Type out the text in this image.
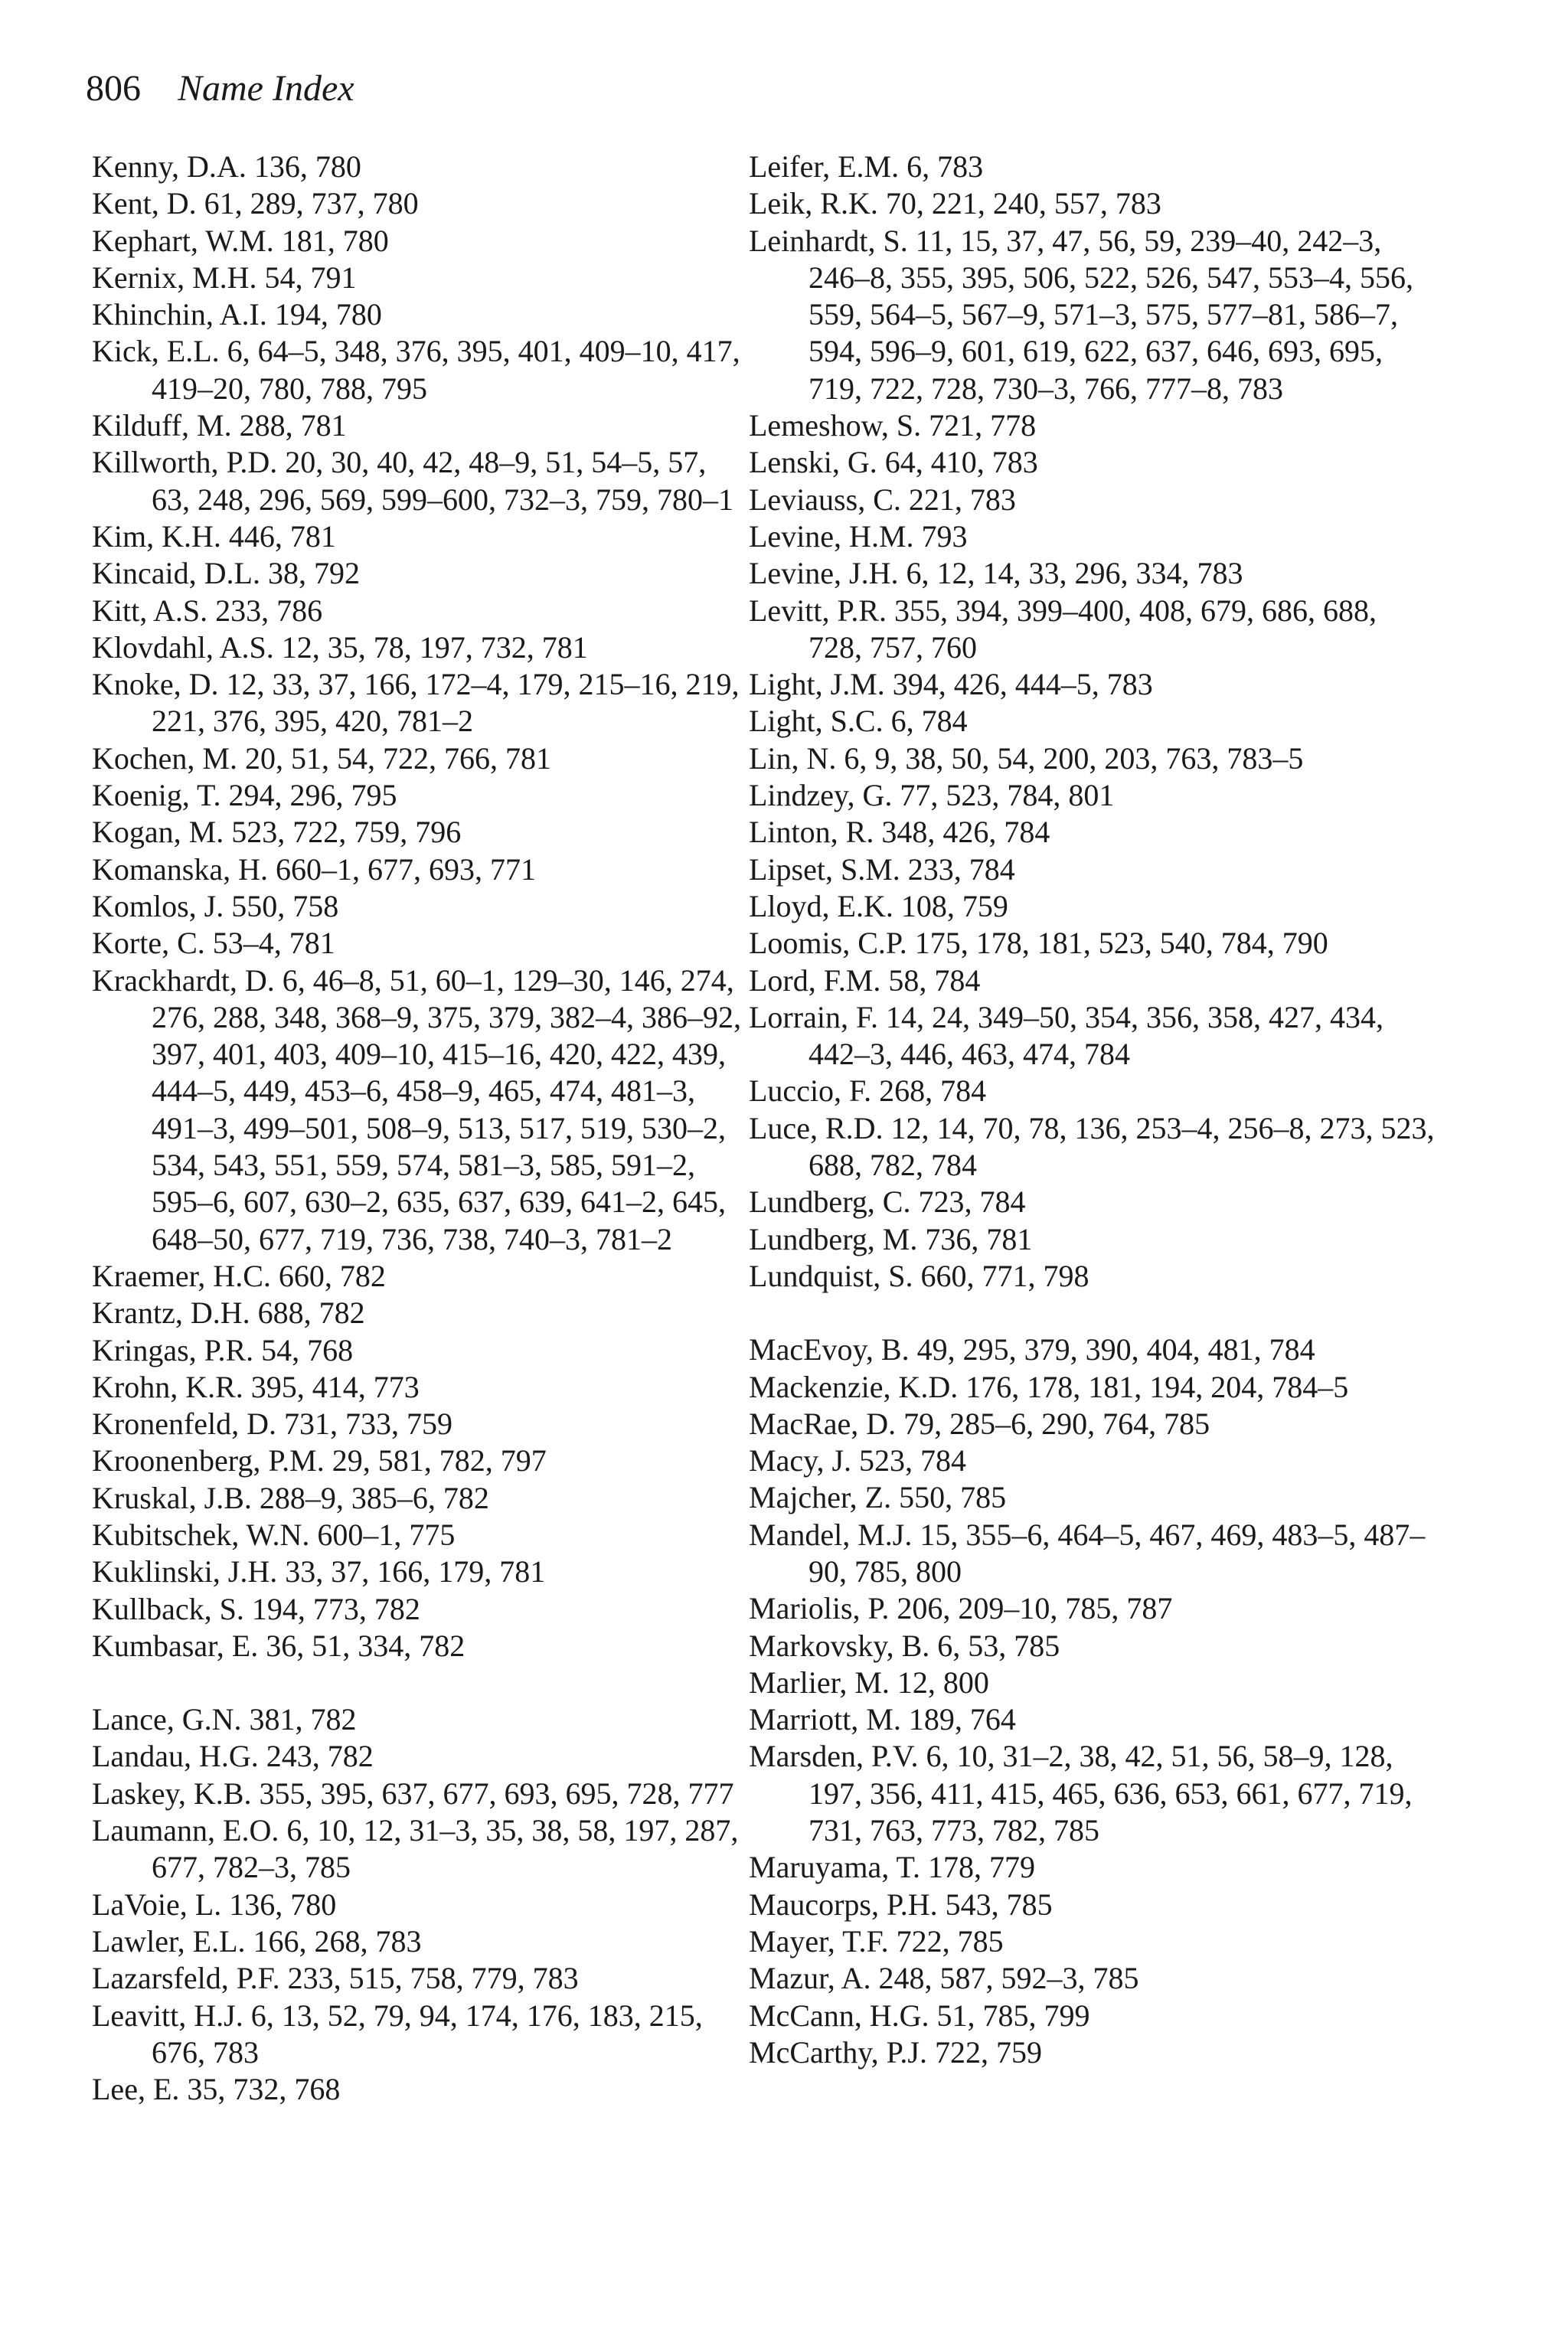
806 Name Index
Kenny, D.A. 136, 780
Kent, D. 61, 289, 737, 780
Kephart, W.M. 181, 780
Kernix, M.H. 54, 791
Khinchin, A.I. 194, 780
Kick, E.L. 6, 64–5, 348, 376, 395, 401, 409–10, 417, 419–20, 780, 788, 795
Kilduff, M. 288, 781
Killworth, P.D. 20, 30, 40, 42, 48–9, 51, 54–5, 57, 63, 248, 296, 569, 599–600, 732–3, 759, 780–1
Kim, K.H. 446, 781
Kincaid, D.L. 38, 792
Kitt, A.S. 233, 786
Klovdahl, A.S. 12, 35, 78, 197, 732, 781
Knoke, D. 12, 33, 37, 166, 172–4, 179, 215–16, 219, 221, 376, 395, 420, 781–2
Kochen, M. 20, 51, 54, 722, 766, 781
Koenig, T. 294, 296, 795
Kogan, M. 523, 722, 759, 796
Komanska, H. 660–1, 677, 693, 771
Komlos, J. 550, 758
Korte, C. 53–4, 781
Krackhardt, D. 6, 46–8, 51, 60–1, 129–30, 146, 274, 276, 288, 348, 368–9, 375, 379, 382–4, 386–92, 397, 401, 403, 409–10, 415–16, 420, 422, 439, 444–5, 449, 453–6, 458–9, 465, 474, 481–3, 491–3, 499–501, 508–9, 513, 517, 519, 530–2, 534, 543, 551, 559, 574, 581–3, 585, 591–2, 595–6, 607, 630–2, 635, 637, 639, 641–2, 645, 648–50, 677, 719, 736, 738, 740–3, 781–2
Kraemer, H.C. 660, 782
Krantz, D.H. 688, 782
Kringas, P.R. 54, 768
Krohn, K.R. 395, 414, 773
Kronenfeld, D. 731, 733, 759
Kroonenberg, P.M. 29, 581, 782, 797
Kruskal, J.B. 288–9, 385–6, 782
Kubitschek, W.N. 600–1, 775
Kuklinski, J.H. 33, 37, 166, 179, 781
Kullback, S. 194, 773, 782
Kumbasar, E. 36, 51, 334, 782
Lance, G.N. 381, 782
Landau, H.G. 243, 782
Laskey, K.B. 355, 395, 637, 677, 693, 695, 728, 777
Laumann, E.O. 6, 10, 12, 31–3, 35, 38, 58, 197, 287, 677, 782–3, 785
LaVoie, L. 136, 780
Lawler, E.L. 166, 268, 783
Lazarsfeld, P.F. 233, 515, 758, 779, 783
Leavitt, H.J. 6, 13, 52, 79, 94, 174, 176, 183, 215, 676, 783
Lee, E. 35, 732, 768
Leifer, E.M. 6, 783
Leik, R.K. 70, 221, 240, 557, 783
Leinhardt, S. 11, 15, 37, 47, 56, 59, 239–40, 242–3, 246–8, 355, 395, 506, 522, 526, 547, 553–4, 556, 559, 564–5, 567–9, 571–3, 575, 577–81, 586–7, 594, 596–9, 601, 619, 622, 637, 646, 693, 695, 719, 722, 728, 730–3, 766, 777–8, 783
Lemeshow, S. 721, 778
Lenski, G. 64, 410, 783
Leviauss, C. 221, 783
Levine, H.M. 793
Levine, J.H. 6, 12, 14, 33, 296, 334, 783
Levitt, P.R. 355, 394, 399–400, 408, 679, 686, 688, 728, 757, 760
Light, J.M. 394, 426, 444–5, 783
Light, S.C. 6, 784
Lin, N. 6, 9, 38, 50, 54, 200, 203, 763, 783–5
Lindzey, G. 77, 523, 784, 801
Linton, R. 348, 426, 784
Lipset, S.M. 233, 784
Lloyd, E.K. 108, 759
Loomis, C.P. 175, 178, 181, 523, 540, 784, 790
Lord, F.M. 58, 784
Lorrain, F. 14, 24, 349–50, 354, 356, 358, 427, 434, 442–3, 446, 463, 474, 784
Luccio, F. 268, 784
Luce, R.D. 12, 14, 70, 78, 136, 253–4, 256–8, 273, 523, 688, 782, 784
Lundberg, C. 723, 784
Lundberg, M. 736, 781
Lundquist, S. 660, 771, 798
MacEvoy, B. 49, 295, 379, 390, 404, 481, 784
Mackenzie, K.D. 176, 178, 181, 194, 204, 784–5
MacRae, D. 79, 285–6, 290, 764, 785
Macy, J. 523, 784
Majcher, Z. 550, 785
Mandel, M.J. 15, 355–6, 464–5, 467, 469, 483–5, 487–90, 785, 800
Mariolis, P. 206, 209–10, 785, 787
Markovsky, B. 6, 53, 785
Marlier, M. 12, 800
Marriott, M. 189, 764
Marsden, P.V. 6, 10, 31–2, 38, 42, 51, 56, 58–9, 128, 197, 356, 411, 415, 465, 636, 653, 661, 677, 719, 731, 763, 773, 782, 785
Maruyama, T. 178, 779
Maucorps, P.H. 543, 785
Mayer, T.F. 722, 785
Mazur, A. 248, 587, 592–3, 785
McCann, H.G. 51, 785, 799
McCarthy, P.J. 722, 759
